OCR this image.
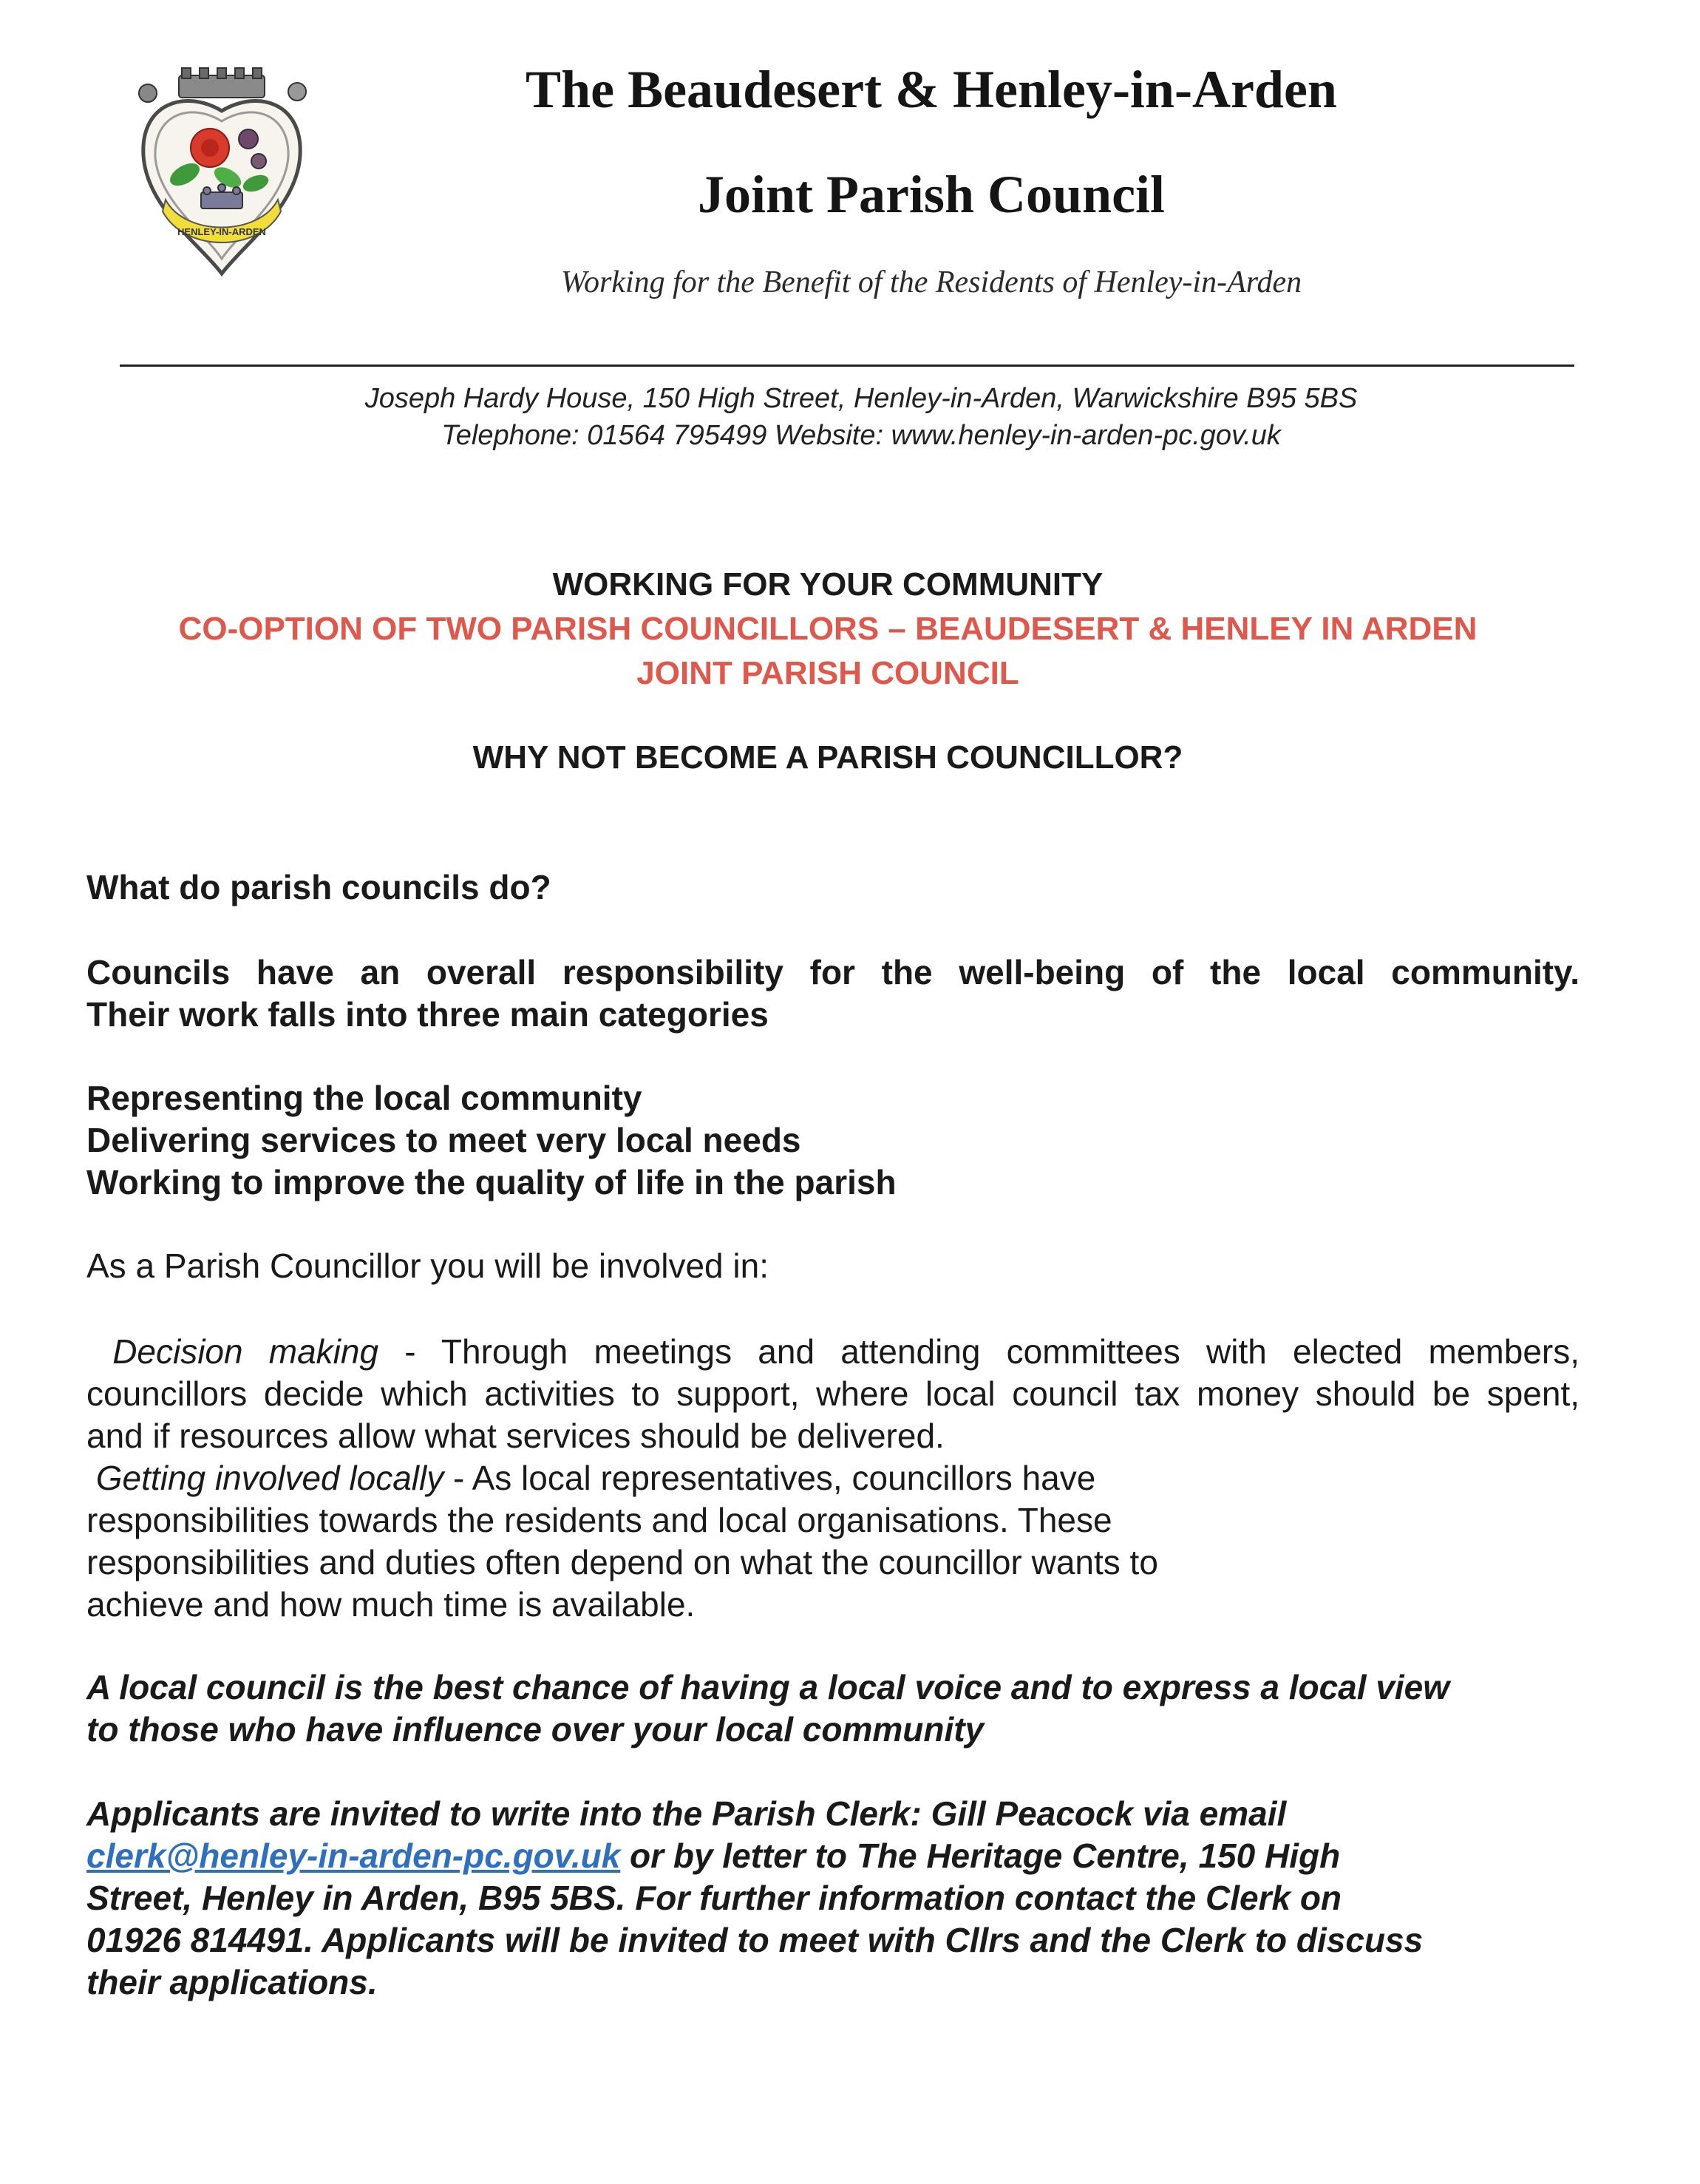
HENLEY-IN-ARDEN
The Beaudesert & Henley-in-Arden
Joint Parish Council
Working for the Benefit of the Residents of Henley-in-Arden
Joseph Hardy House, 150 High Street, Henley-in-Arden, Warwickshire B95 5BS
Telephone: 01564 795499 Website: www.henley-in-arden-pc.gov.uk
WORKING FOR YOUR COMMUNITY
CO-OPTION OF TWO PARISH COUNCILLORS – BEAUDESERT & HENLEY IN ARDEN
JOINT PARISH COUNCIL
WHY NOT BECOME A PARISH COUNCILLOR?
What do parish councils do?
Councils have an overall responsibility for the well-being of the local community.
Their work falls into three main categories
Representing the local community
Delivering services to meet very local needs
Working to improve the quality of life in the parish
As a Parish Councillor you will be involved in:
Decision making - Through meetings and attending committees with elected members,
councillors decide which activities to support, where local council tax money should be spent,
and if resources allow what services should be delivered.
Getting involved locally - As local representatives, councillors have
responsibilities towards the residents and local organisations. These
responsibilities and duties often depend on what the councillor wants to
achieve and how much time is available.
A local council is the best chance of having a local voice and to express a local view
to those who have influence over your local community
Applicants are invited to write into the Parish Clerk: Gill Peacock via email
clerk@henley-in-arden-pc.gov.uk or by letter to The Heritage Centre, 150 High
Street, Henley in Arden, B95 5BS. For further information contact the Clerk on
01926 814491. Applicants will be invited to meet with Cllrs and the Clerk to discuss
their applications.
